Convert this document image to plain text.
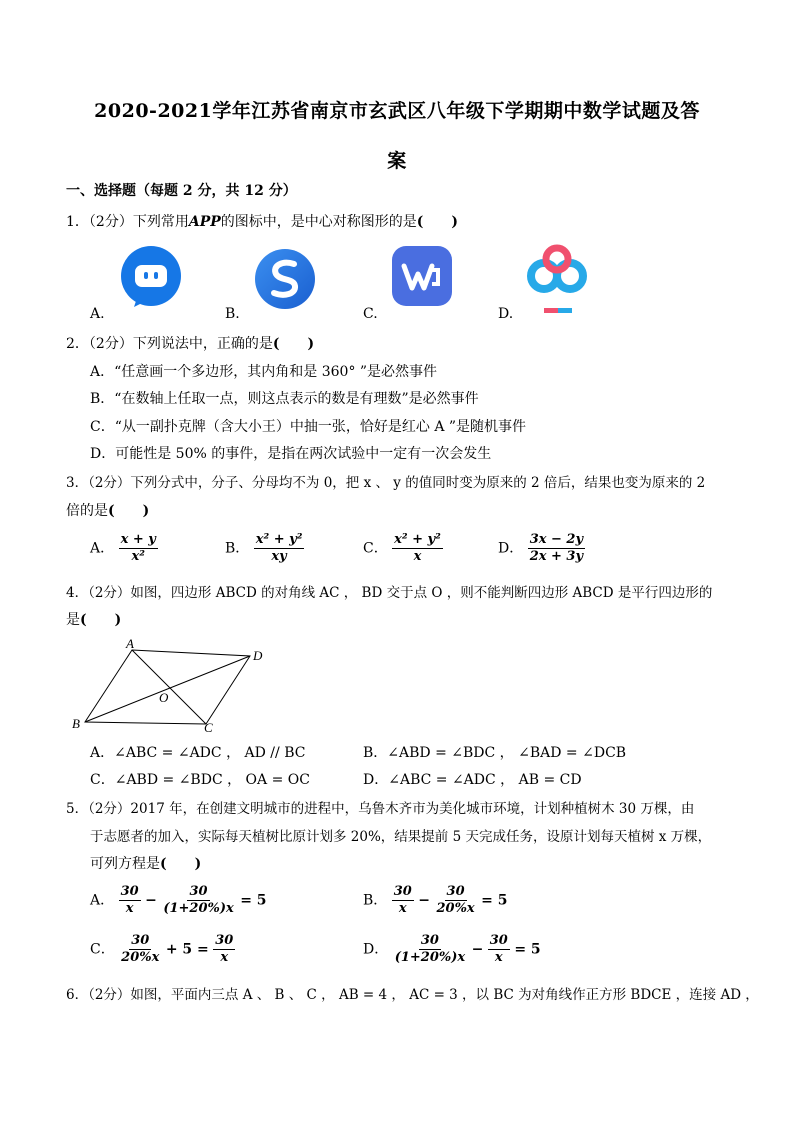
2020-2021学年江苏省南京市玄武区八年级下学期期中数学试题及答
案
一、选择题（每题 2 分，共 12 分）
1．（2分）下列常用APP的图标中，是中心对称图形的是(　　)
A.	B.	C.	D.
2．（2分）下列说法中，正确的是(　　)
A．“任意画一个多边形，其内角和是 360° ”是必然事件
B．“在数轴上任取一点，则这点表示的数是有理数”是必然事件
C．“从一副扑克牌（含大小王）中抽一张，恰好是红心 A ”是随机事件
D．可能性是 50% 的事件，是指在两次试验中一定有一次会发生
3．（2分）下列分式中，分子、分母均不为 0，把 x 、 y 的值同时变为原来的 2 倍后，结果也变为原来的 2
倍的是(　　)
A． $\frac{x + y}{\text{x²}}$	B． $\frac{\text{x² + y²}}{xy}$	C． $\frac{\text{x² + y²}}{x}$	D． $\frac{3x - 2y}{2x + 3y}$
4．（2分）如图，四边形 ABCD 的对角线 AC ， BD 交于点 O ，则不能判断四边形 ABCD 是平行四边形的
是(　　)
A
D
O
B	C
A．∠ABC = ∠ADC ， AD // BC	B．∠ABD = ∠BDC ， ∠BAD = ∠DCB
C．∠ABD = ∠BDC ， OA = OC	D．∠ABC = ∠ADC ， AB = CD
5．（2分）2017 年，在创建文明城市的进程中，乌鲁木齐市为美化城市环境，计划种植树木 30 万棵，由
于志愿者的加入，实际每天植树比原计划多 20%，结果提前 5 天完成任务，设原计划每天植树 x 万棵，
可列方程是(　　)
A． $\frac{30}{x} - \frac{30}{(1+20\%)x} = 5$	B． $\frac{30}{x} - \frac{30}{20\%x} = 5$
C． $\frac{30}{20\%x} + 5 = \frac{30}{x}$	D． $\frac{30}{(1+20\%)x} - \frac{30}{x} = 5$
6．（2分）如图，平面内三点 A 、 B 、 C ， AB = 4 ， AC = 3 ，以 BC 为对角线作正方形 BDCE ，连接 AD ，
